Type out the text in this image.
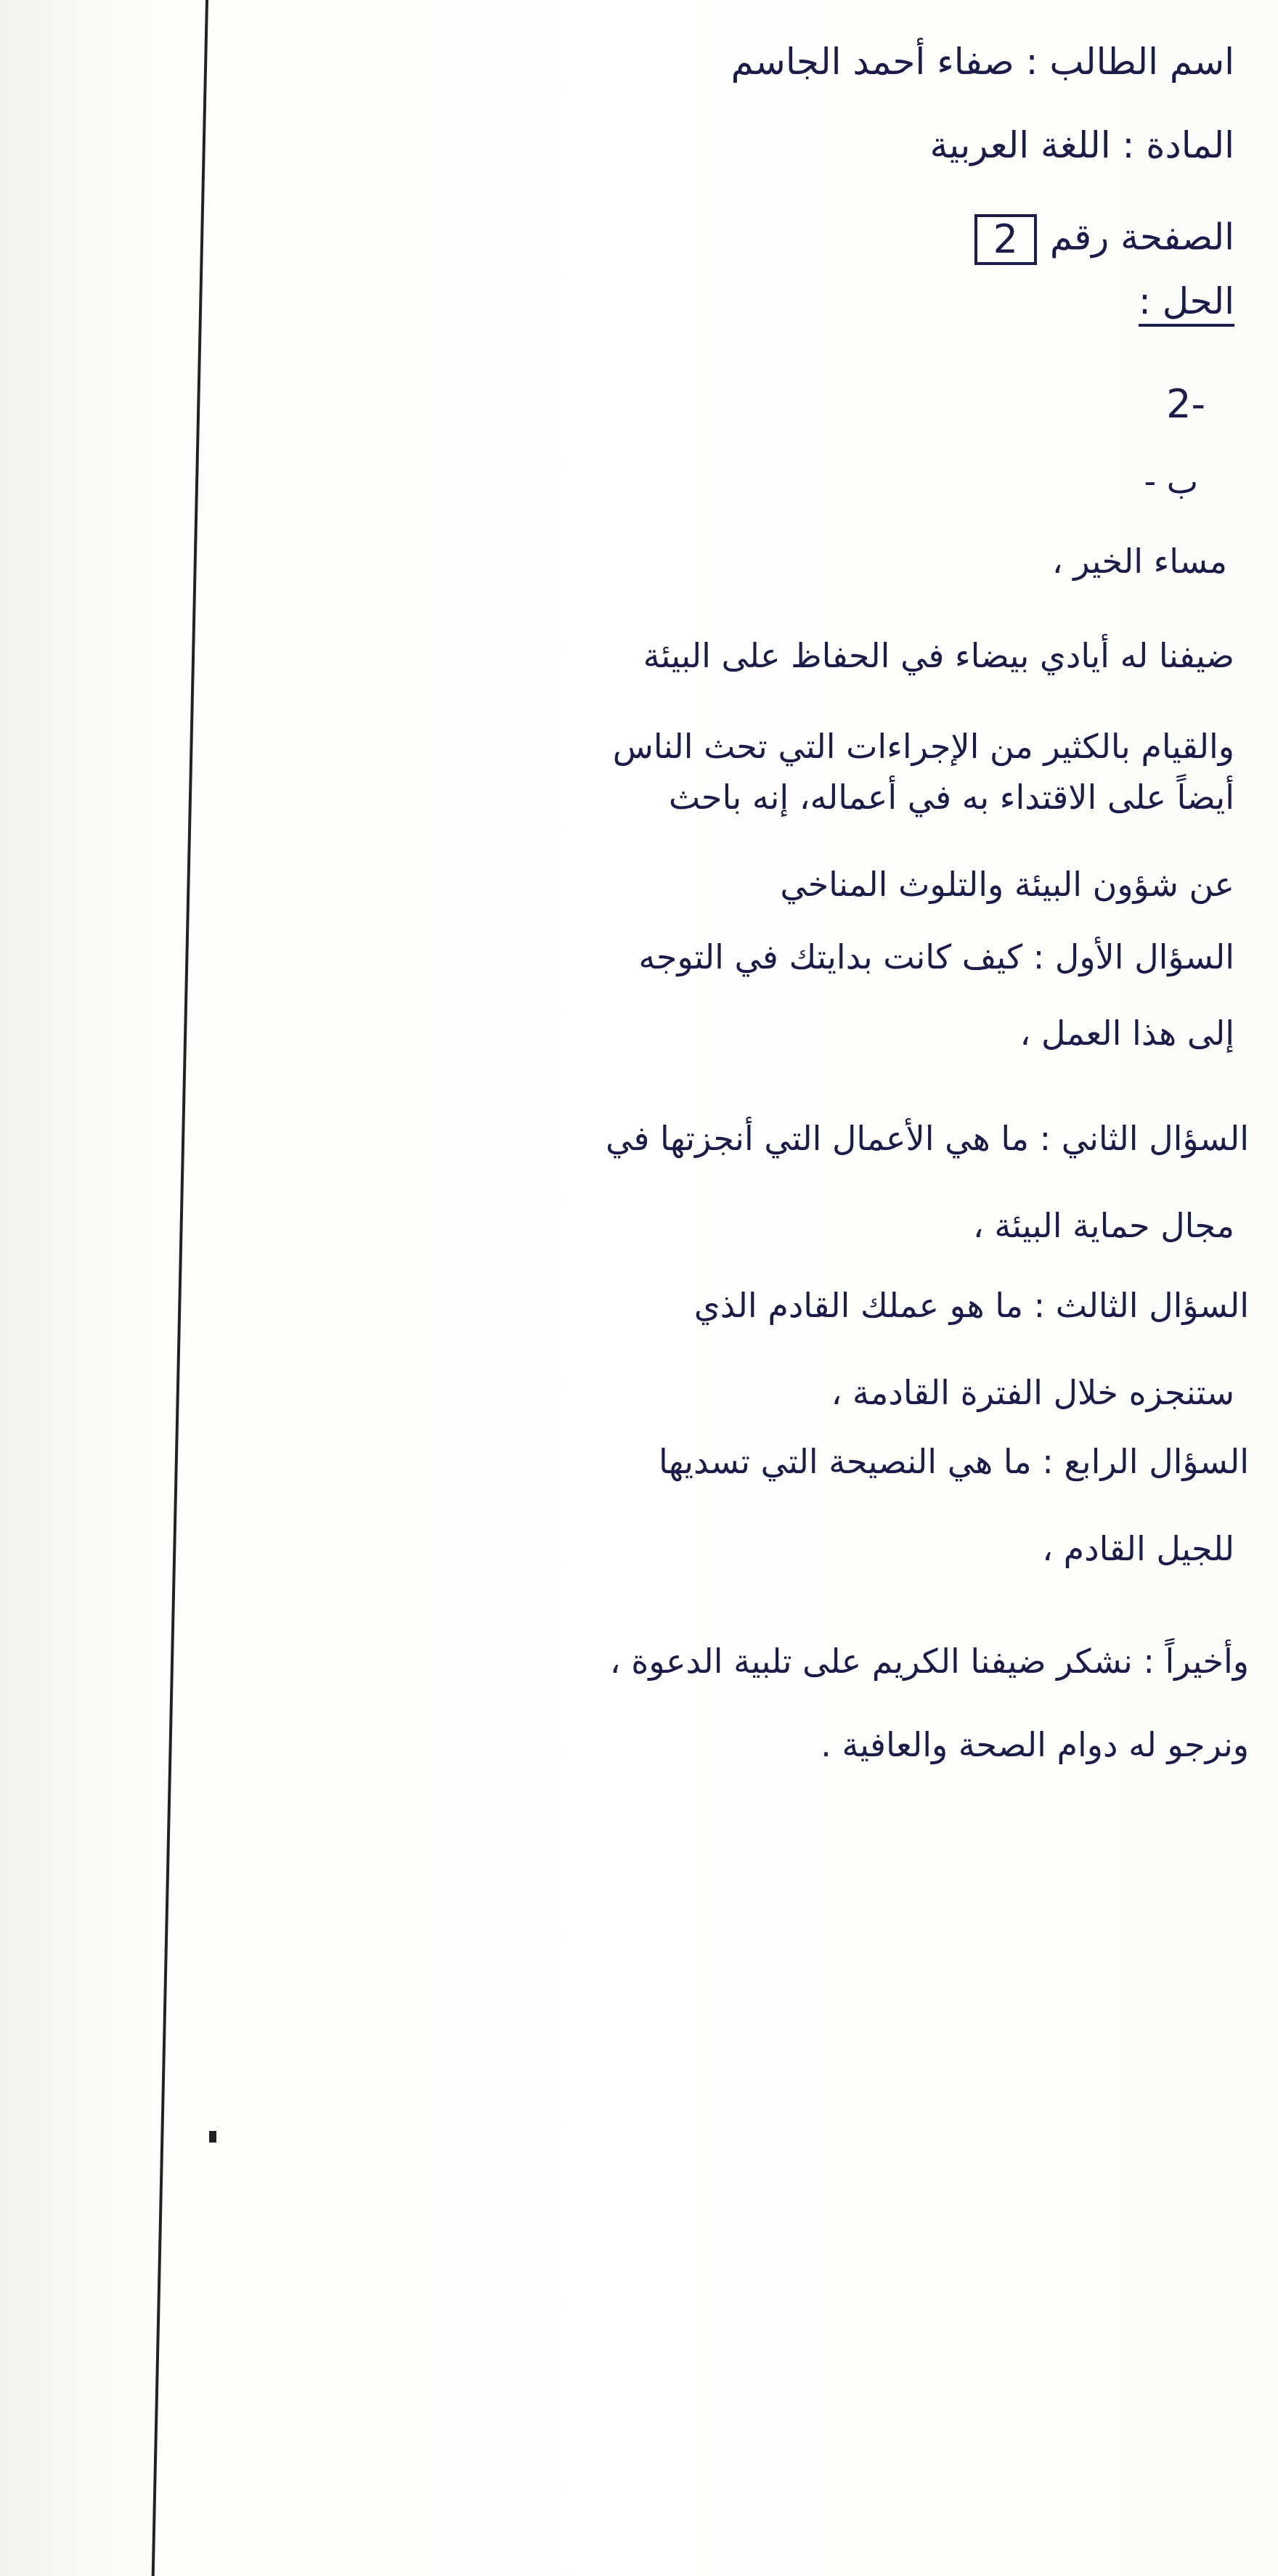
اسم الطالب : صفاء أحمد الجاسم
المادة : اللغة العربية
الصفحة رقم2
الحل :
-2
ب -
مساء الخير ،
ضيفنا له أيادي بيضاء في الحفاظ على البيئة
والقيام بالكثير من الإجراءات التي تحث الناس
أيضاً على الاقتداء به في أعماله، إنه باحث
عن شؤون البيئة والتلوث المناخي
السؤال الأول : كيف كانت بدايتك في التوجه
إلى هذا العمل ،
السؤال الثاني : ما هي الأعمال التي أنجزتها في
مجال حماية البيئة ،
السؤال الثالث : ما هو عملك القادم الذي
ستنجزه خلال الفترة القادمة ،
السؤال الرابع : ما هي النصيحة التي تسديها
للجيل القادم ،
وأخيراً : نشكر ضيفنا الكريم على تلبية الدعوة ،
ونرجو له دوام الصحة والعافية .
